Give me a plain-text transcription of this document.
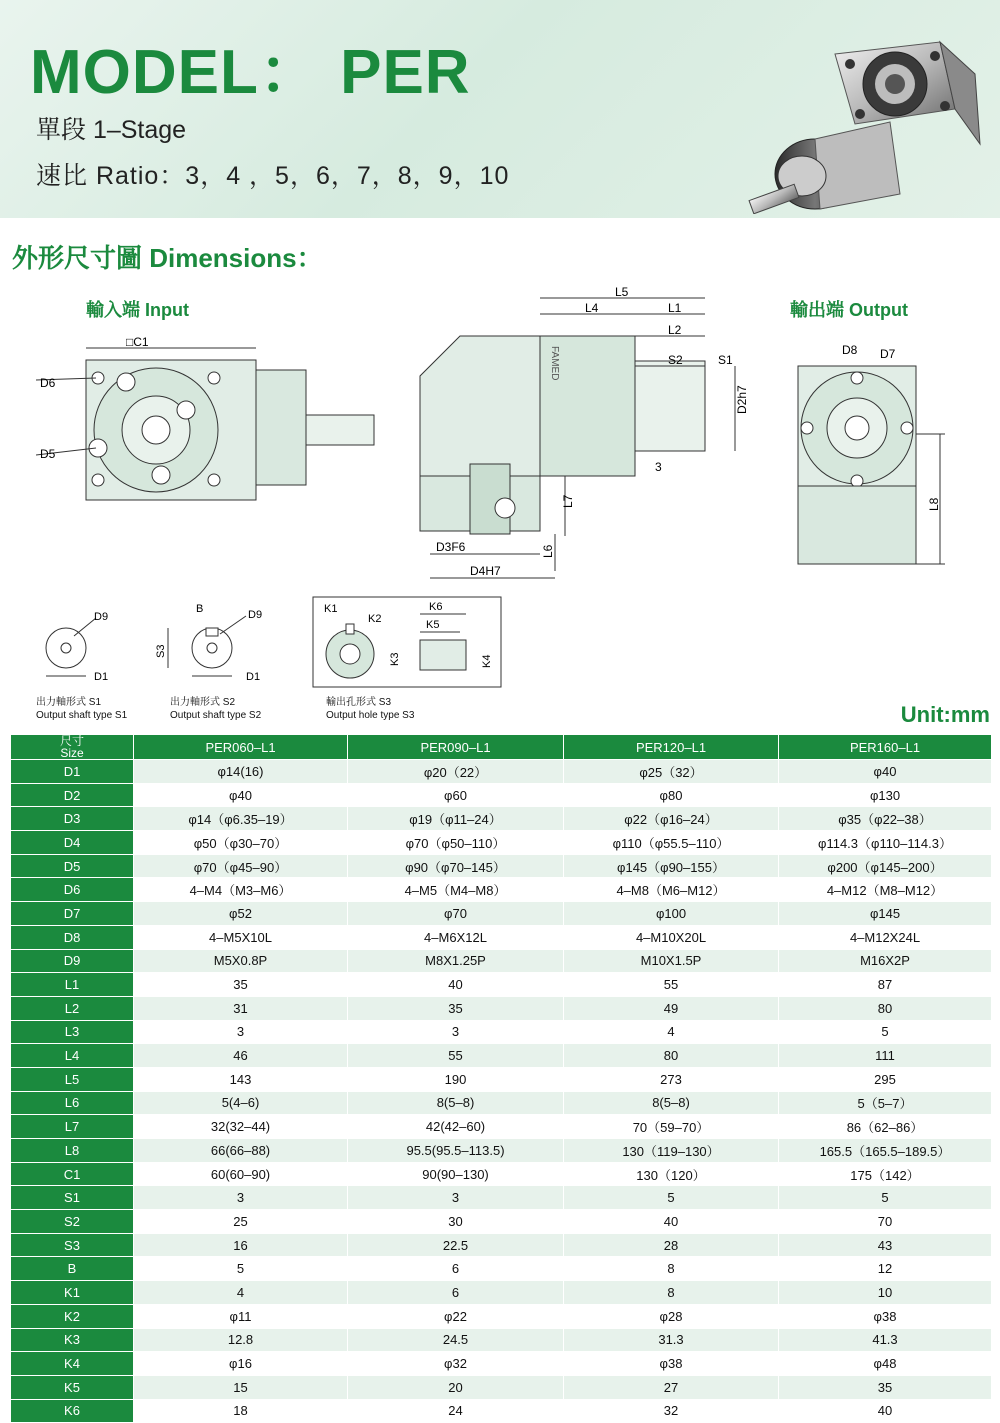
MODEL： PER
單段 1–Stage
速比 Ratio：3，4 ，5，6，7，8，9，10
外形尺寸圖 Dimensions：
輸入端 Input
□C1
D6
D5
FAMED
L5
L4	L1
L2
S2	S1
D2h7
3
L7
L6
D3F6
D4H7
輸出端 Output
D8 D7
L8
D9
D1
B	D9
S3
D1
K1
K2
K6
K5
K3	K4
出力軸形式 S1
Output shaft type S1
出力軸形式 S2
Output shaft type S2
輸出孔形式 S3
Output hole type S3	Unit:mm
尺寸
Size	PER060–L1	PER090–L1	PER120–L1	PER160–L1
D1	φ14(16)	φ20（22）	φ25（32）	φ40
D2	φ40	φ60	φ80	φ130
D3	φ14（φ6.35–19）	φ19（φ11–24）	φ22（φ16–24）	φ35（φ22–38）
D4	φ50（φ30–70）	φ70（φ50–110）	φ110（φ55.5–110）	φ114.3（φ110–114.3）
D5	φ70（φ45–90）	φ90（φ70–145）	φ145（φ90–155）	φ200（φ145–200）
D6	4–M4（M3–M6）	4–M5（M4–M8）	4–M8（M6–M12）	4–M12（M8–M12）
D7	φ52	φ70	φ100	φ145
D8	4–M5X10L	4–M6X12L	4–M10X20L	4–M12X24L
D9	M5X0.8P	M8X1.25P	M10X1.5P	M16X2P
L1	35	40	55	87
L2	31	35	49	80
L3	3	3	4	5
L4	46	55	80	111
L5	143	190	273	295
L6	5(4–6)	8(5–8)	8(5–8)	5（5–7）
L7	32(32–44)	42(42–60)	70（59–70）	86（62–86）
L8	66(66–88)	95.5(95.5–113.5)	130（119–130）	165.5（165.5–189.5）
C1	60(60–90)	90(90–130)	130（120）	175（142）
S1	3	3	5	5
S2	25	30	40	70
S3	16	22.5	28	43
B	5	6	8	12
K1	4	6	8	10
K2	φ11	φ22	φ28	φ38
K3	12.8	24.5	31.3	41.3
K4	φ16	φ32	φ38	φ48
K5	15	20	27	35
K6	18	24	32	40
